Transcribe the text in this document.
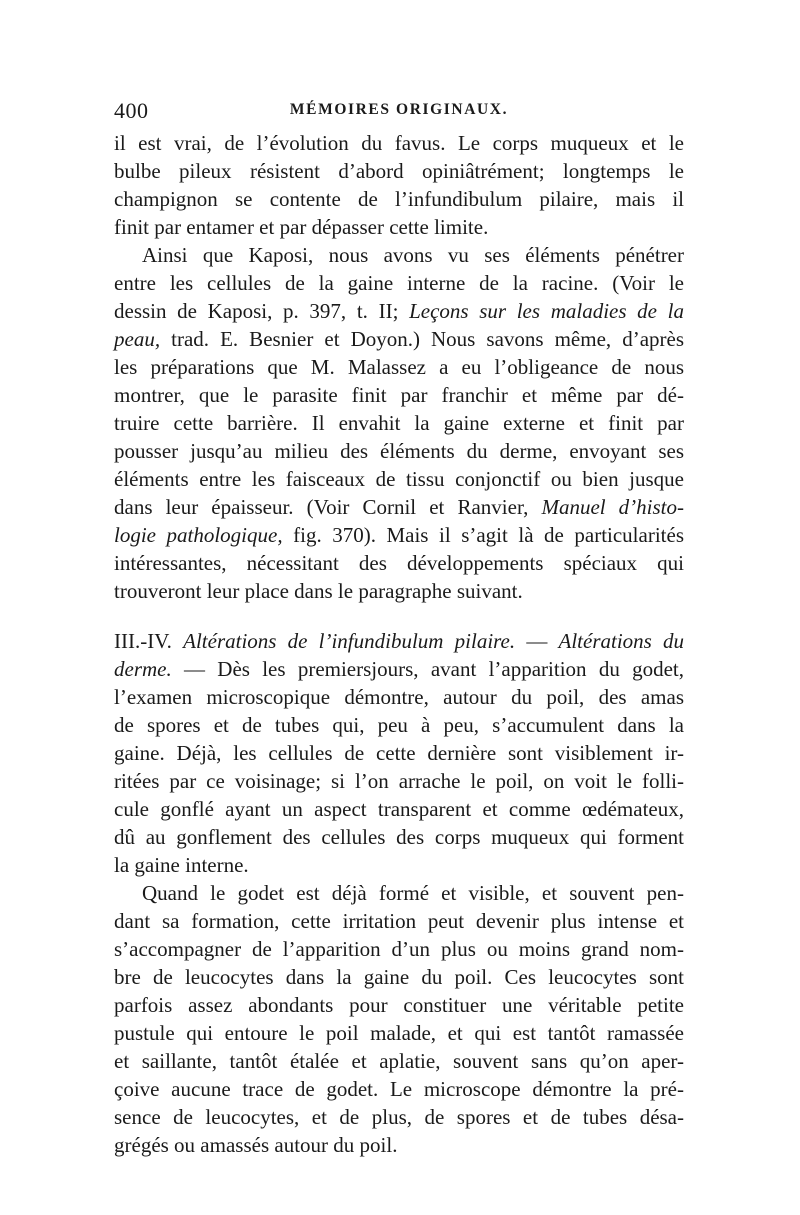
400	MÉMOIRES ORIGINAUX.
il est vrai, de l’évolution du favus. Le corps muqueux et le
bulbe pileux résistent d’abord opiniâtrément; longtemps le
champignon se contente de l’infundibulum pilaire, mais il
finit par entamer et par dépasser cette limite.
Ainsi que Kaposi, nous avons vu ses éléments pénétrer
entre les cellules de la gaine interne de la racine. (Voir le
dessin de Kaposi, p. 397, t. II; Leçons sur les maladies de la
peau, trad. E. Besnier et Doyon.) Nous savons même, d’après
les préparations que M. Malassez a eu l’obligeance de nous
montrer, que le parasite finit par franchir et même par dé-
truire cette barrière. Il envahit la gaine externe et finit par
pousser jusqu’au milieu des éléments du derme, envoyant ses
éléments entre les faisceaux de tissu conjonctif ou bien jusque
dans leur épaisseur. (Voir Cornil et Ranvier, Manuel d’histo-
logie pathologique, fig. 370). Mais il s’agit là de particularités
intéressantes, nécessitant des développements spéciaux qui
trouveront leur place dans le paragraphe suivant.
III.-IV. Altérations de l’infundibulum pilaire. — Altérations du
derme. — Dès les premiersjours, avant l’apparition du godet,
l’examen microscopique démontre, autour du poil, des amas
de spores et de tubes qui, peu à peu, s’accumulent dans la
gaine. Déjà, les cellules de cette dernière sont visiblement ir-
ritées par ce voisinage; si l’on arrache le poil, on voit le folli-
cule gonflé ayant un aspect transparent et comme œdémateux,
dû au gonflement des cellules des corps muqueux qui forment
la gaine interne.
Quand le godet est déjà formé et visible, et souvent pen-
dant sa formation, cette irritation peut devenir plus intense et
s’accompagner de l’apparition d’un plus ou moins grand nom-
bre de leucocytes dans la gaine du poil. Ces leucocytes sont
parfois assez abondants pour constituer une véritable petite
pustule qui entoure le poil malade, et qui est tantôt ramassée
et saillante, tantôt étalée et aplatie, souvent sans qu’on aper-
çoive aucune trace de godet. Le microscope démontre la pré-
sence de leucocytes, et de plus, de spores et de tubes désa-
grégés ou amassés autour du poil.
